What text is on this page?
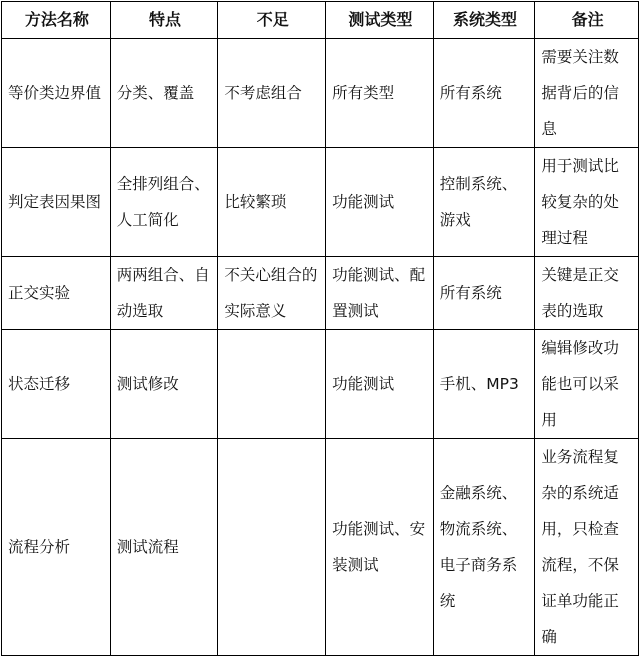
方法名称	特点	不足	测试类型	系统类型	备注
等价类边界值	分类、覆盖	不考虑组合	所有类型	所有系统	需要关注数据背后的信息
判定表因果图	全排列组合、人工简化	比较繁琐	功能测试	控制系统、游戏	用于测试比较复杂的处理过程
正交实验	两两组合、自动选取	不关心组合的实际意义	功能测试、配置测试	所有系统	关键是正交表的选取
状态迁移	测试修改		功能测试	手机、MP3	编辑修改功能也可以采用
流程分析	测试流程		功能测试、安装测试	金融系统、物流系统、电子商务系统	业务流程复杂的系统适用，只检查流程，不保证单功能正确
